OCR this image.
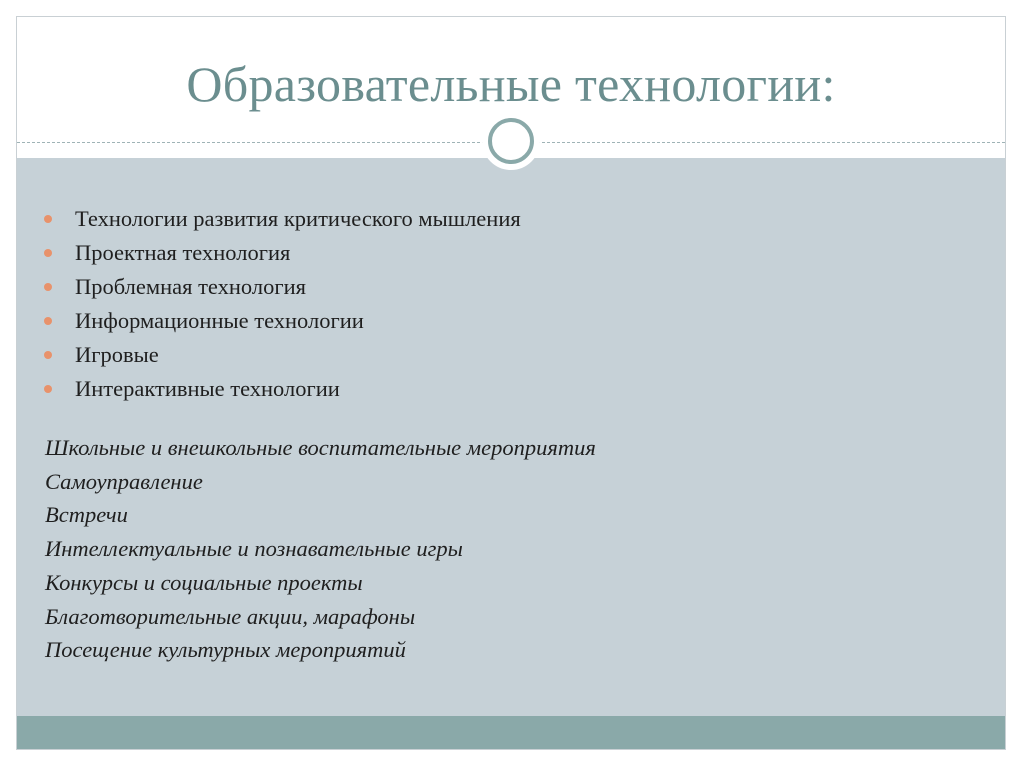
Образовательные технологии:
Технологии развития критического мышления
Проектная технология
Проблемная технология
Информационные технологии
Игровые
Интерактивные технологии
Школьные и внешкольные воспитательные мероприятия
Самоуправление
Встречи
Интеллектуальные и познавательные игры
Конкурсы и социальные проекты
Благотворительные акции, марафоны
Посещение культурных мероприятий
